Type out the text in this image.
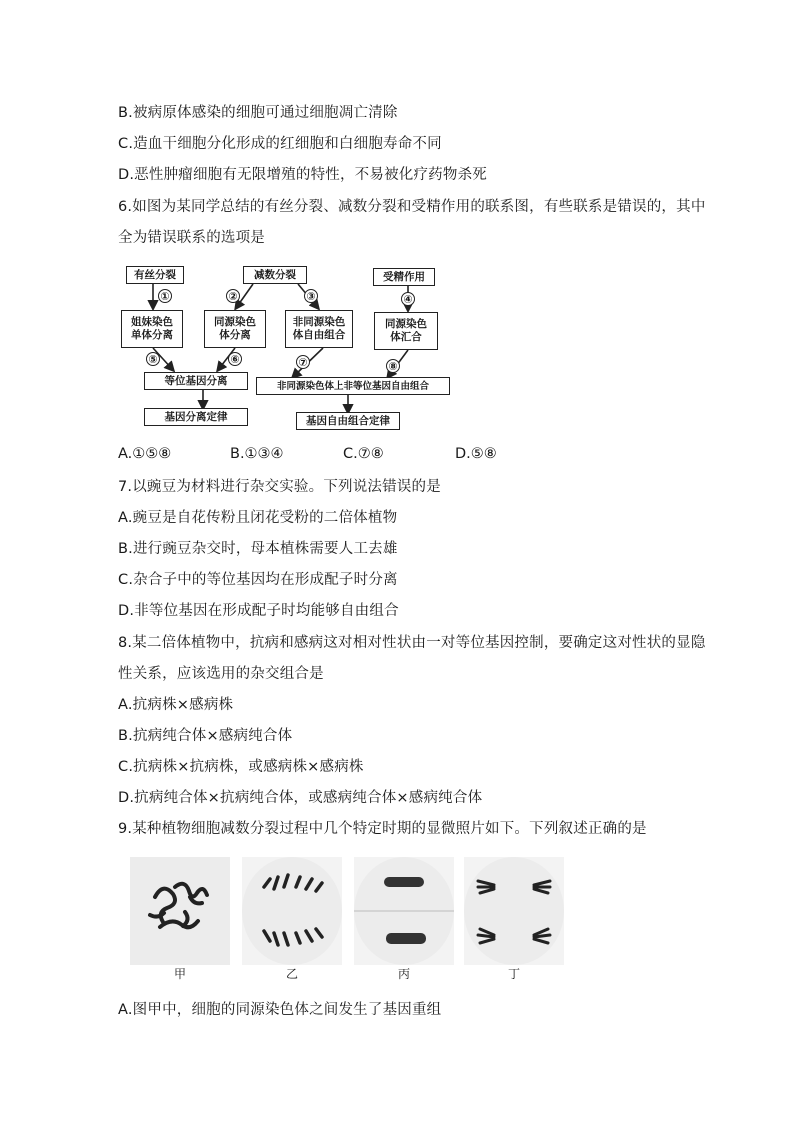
B.被病原体感染的细胞可通过细胞凋亡清除
C.造血干细胞分化形成的红细胞和白细胞寿命不同
D.恶性肿瘤细胞有无限增殖的特性，不易被化疗药物杀死
6.如图为某同学总结的有丝分裂、减数分裂和受精作用的联系图，有些联系是错误的，其中
全为错误联系的选项是
有丝分裂	减数分裂	受精作用
①	②	③	④
姐妹染色
单体分离
同源染色
体分离
非同源染色
体自由组合
同源染色
体汇合
⑤	⑥	⑦	⑧
等位基因分离	非同源染色体上非等位基因自由组合
基因分离定律	基因自由组合定律
A.①⑤⑧	B.①③④	C.⑦⑧	D.⑤⑧
7.以豌豆为材料进行杂交实验。下列说法错误的是
A.豌豆是自花传粉且闭花受粉的二倍体植物
B.进行豌豆杂交时，母本植株需要人工去雄
C.杂合子中的等位基因均在形成配子时分离
D.非等位基因在形成配子时均能够自由组合
8.某二倍体植物中，抗病和感病这对相对性状由一对等位基因控制，要确定这对性状的显隐
性关系，应该选用的杂交组合是
A.抗病株×感病株
B.抗病纯合体×感病纯合体
C.抗病株×抗病株，或感病株×感病株
D.抗病纯合体×抗病纯合体，或感病纯合体×感病纯合体
9.某种植物细胞减数分裂过程中几个特定时期的显微照片如下。下列叙述正确的是
甲	乙	丙	丁
A.图甲中，细胞的同源染色体之间发生了基因重组
